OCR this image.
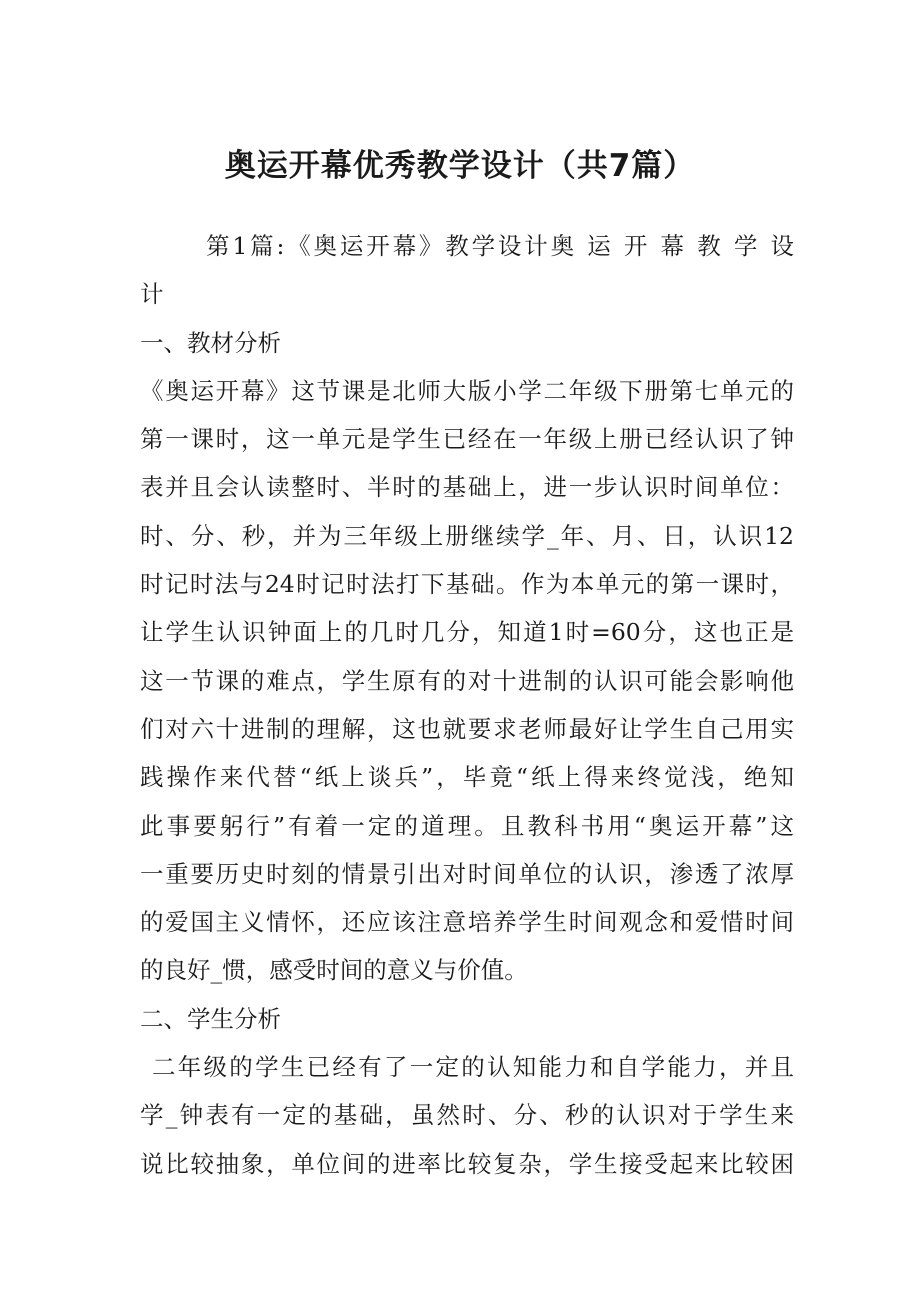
奥运开幕优秀教学设计（共7篇）
第1篇:《奥运开幕》教学设计奥 运 开 幕 教 学 设
计
一、教材分析
《奥运开幕》这节课是北师大版小学二年级下册第七单元的
第一课时，这一单元是学生已经在一年级上册已经认识了钟
表并且会认读整时、半时的基础上，进一步认识时间单位：
时、分、秒，并为三年级上册继续学_年、月、日，认识12
时记时法与24时记时法打下基础。作为本单元的第一课时，
让学生认识钟面上的几时几分，知道1时=60分，这也正是
这一节课的难点，学生原有的对十进制的认识可能会影响他
们对六十进制的理解，这也就要求老师最好让学生自己用实
践操作来代替“纸上谈兵”，毕竟“纸上得来终觉浅，绝知
此事要躬行”有着一定的道理。且教科书用“奥运开幕”这
一重要历史时刻的情景引出对时间单位的认识，渗透了浓厚
的爱国主义情怀，还应该注意培养学生时间观念和爱惜时间
的良好_惯，感受时间的意义与价值。
二、学生分析
二年级的学生已经有了一定的认知能力和自学能力，并且
学_钟表有一定的基础，虽然时、分、秒的认识对于学生来
说比较抽象，单位间的进率比较复杂，学生接受起来比较困
